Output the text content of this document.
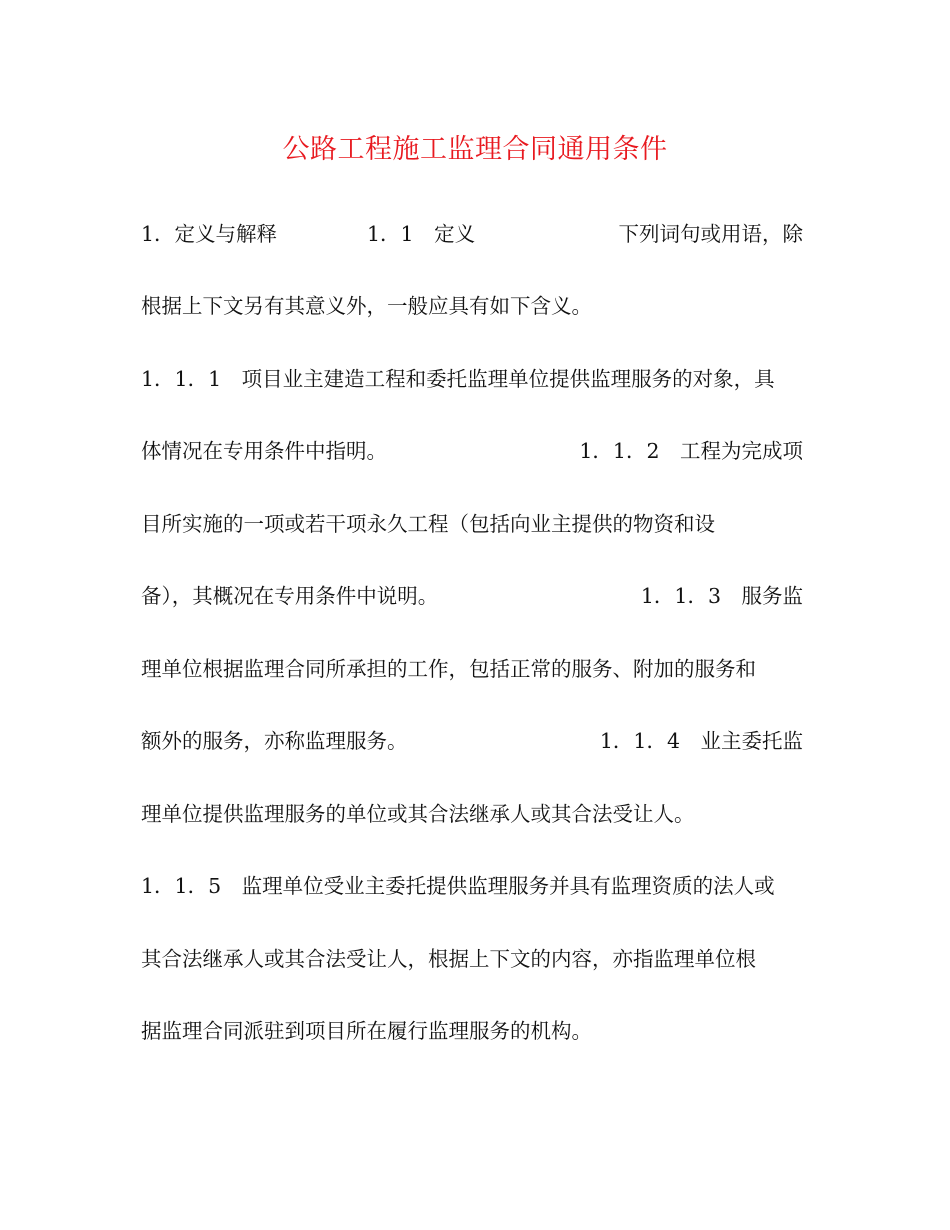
公路工程施工监理合同通用条件
1．定义与解释	1．1　定义	下列词句或用语，除
根据上下文另有其意义外，一般应具有如下含义。
1．1．1　项目业主建造工程和委托监理单位提供监理服务的对象，具
体情况在专用条件中指明。	1．1．2　工程为完成项
目所实施的一项或若干项永久工程（包括向业主提供的物资和设
备），其概况在专用条件中说明。	1．1．3　服务监
理单位根据监理合同所承担的工作，包括正常的服务、附加的服务和
额外的服务，亦称监理服务。	1．1．4　业主委托监
理单位提供监理服务的单位或其合法继承人或其合法受让人。
1．1．5　监理单位受业主委托提供监理服务并具有监理资质的法人或
其合法继承人或其合法受让人，根据上下文的内容，亦指监理单位根
据监理合同派驻到项目所在履行监理服务的机构。
